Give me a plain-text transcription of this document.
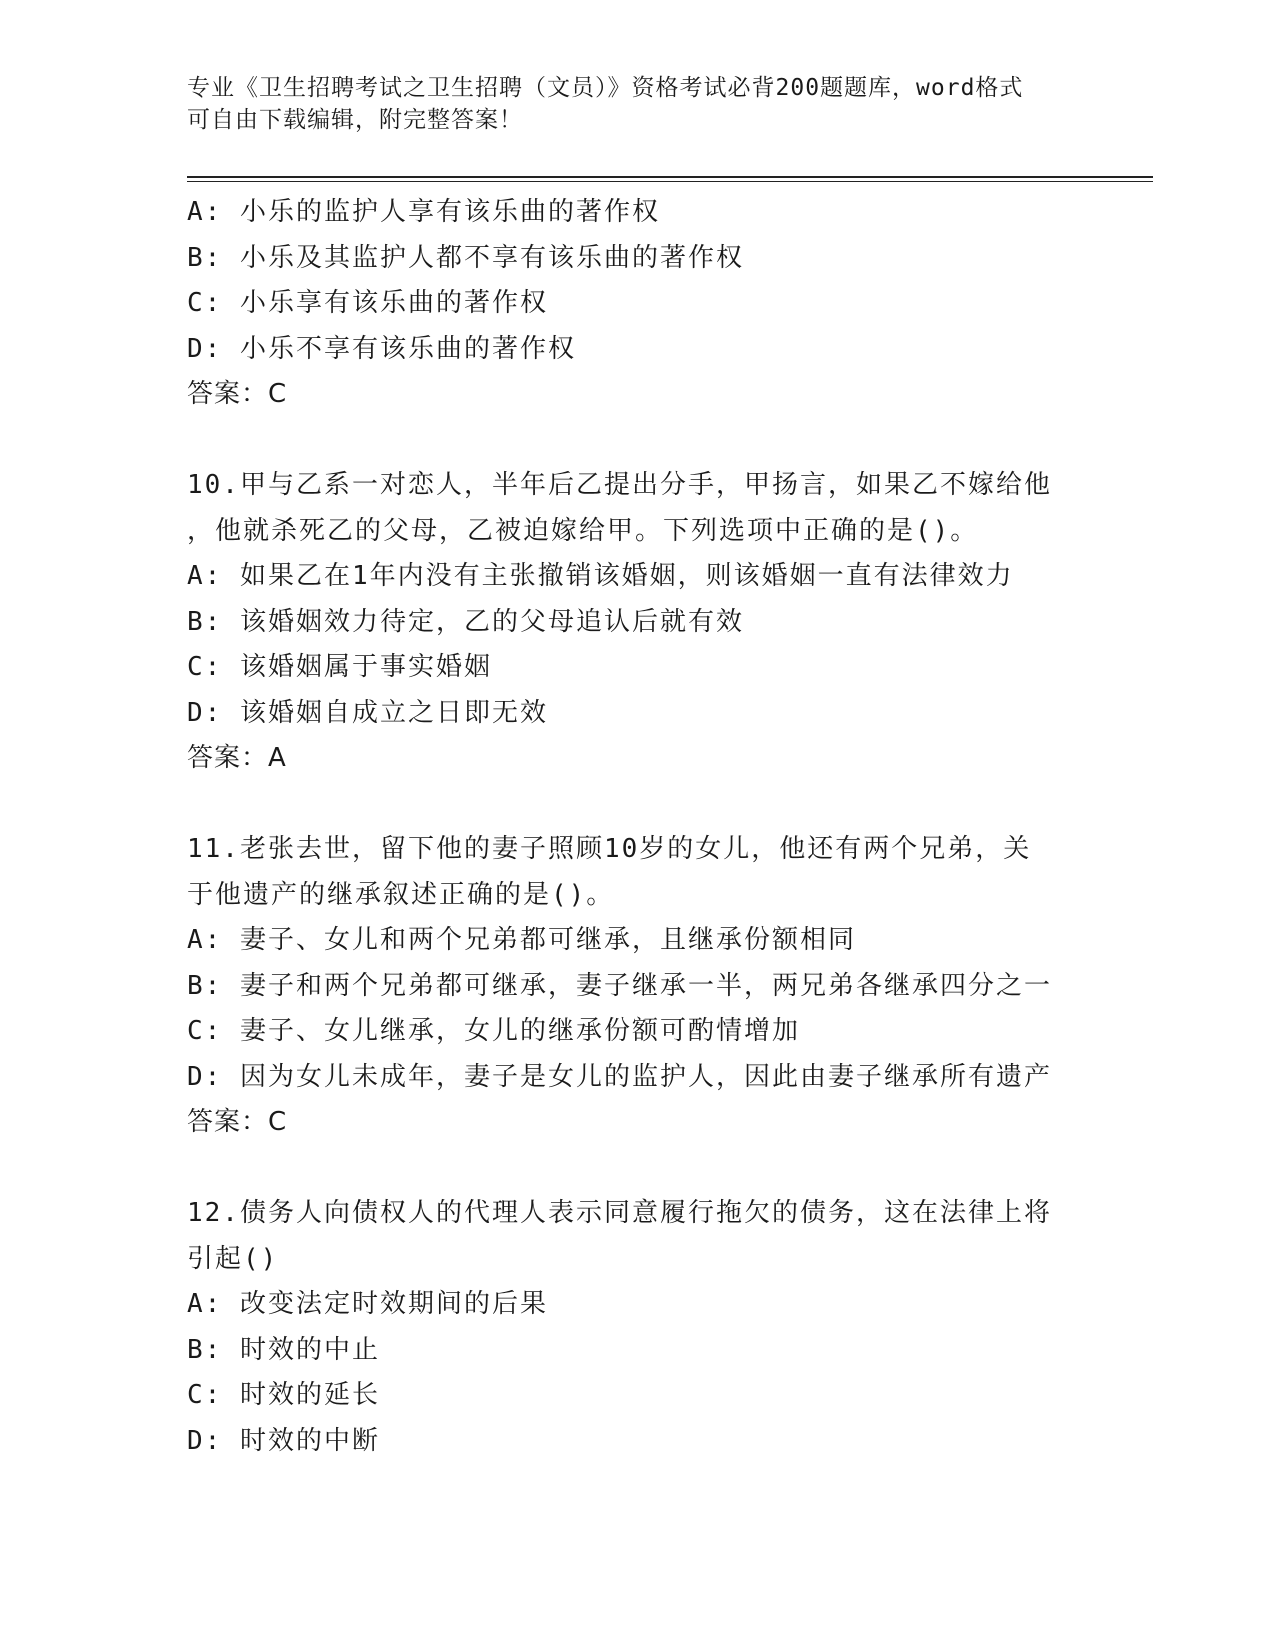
专业《卫生招聘考试之卫生招聘（文员）》资格考试必背200题题库，word格式
可自由下载编辑，附完整答案！
A: 小乐的监护人享有该乐曲的著作权
B: 小乐及其监护人都不享有该乐曲的著作权
C: 小乐享有该乐曲的著作权
D: 小乐不享有该乐曲的著作权
答案：C
10.甲与乙系一对恋人，半年后乙提出分手，甲扬言，如果乙不嫁给他
，他就杀死乙的父母，乙被迫嫁给甲。下列选项中正确的是()。
A: 如果乙在1年内没有主张撤销该婚姻，则该婚姻一直有法律效力
B: 该婚姻效力待定，乙的父母追认后就有效
C: 该婚姻属于事实婚姻
D: 该婚姻自成立之日即无效
答案：A
11.老张去世，留下他的妻子照顾10岁的女儿，他还有两个兄弟，关
于他遗产的继承叙述正确的是()。
A: 妻子、女儿和两个兄弟都可继承，且继承份额相同
B: 妻子和两个兄弟都可继承，妻子继承一半，两兄弟各继承四分之一
C: 妻子、女儿继承，女儿的继承份额可酌情增加
D: 因为女儿未成年，妻子是女儿的监护人，因此由妻子继承所有遗产
答案：C
12.债务人向债权人的代理人表示同意履行拖欠的债务，这在法律上将
引起()
A: 改变法定时效期间的后果
B: 时效的中止
C: 时效的延长
D: 时效的中断
